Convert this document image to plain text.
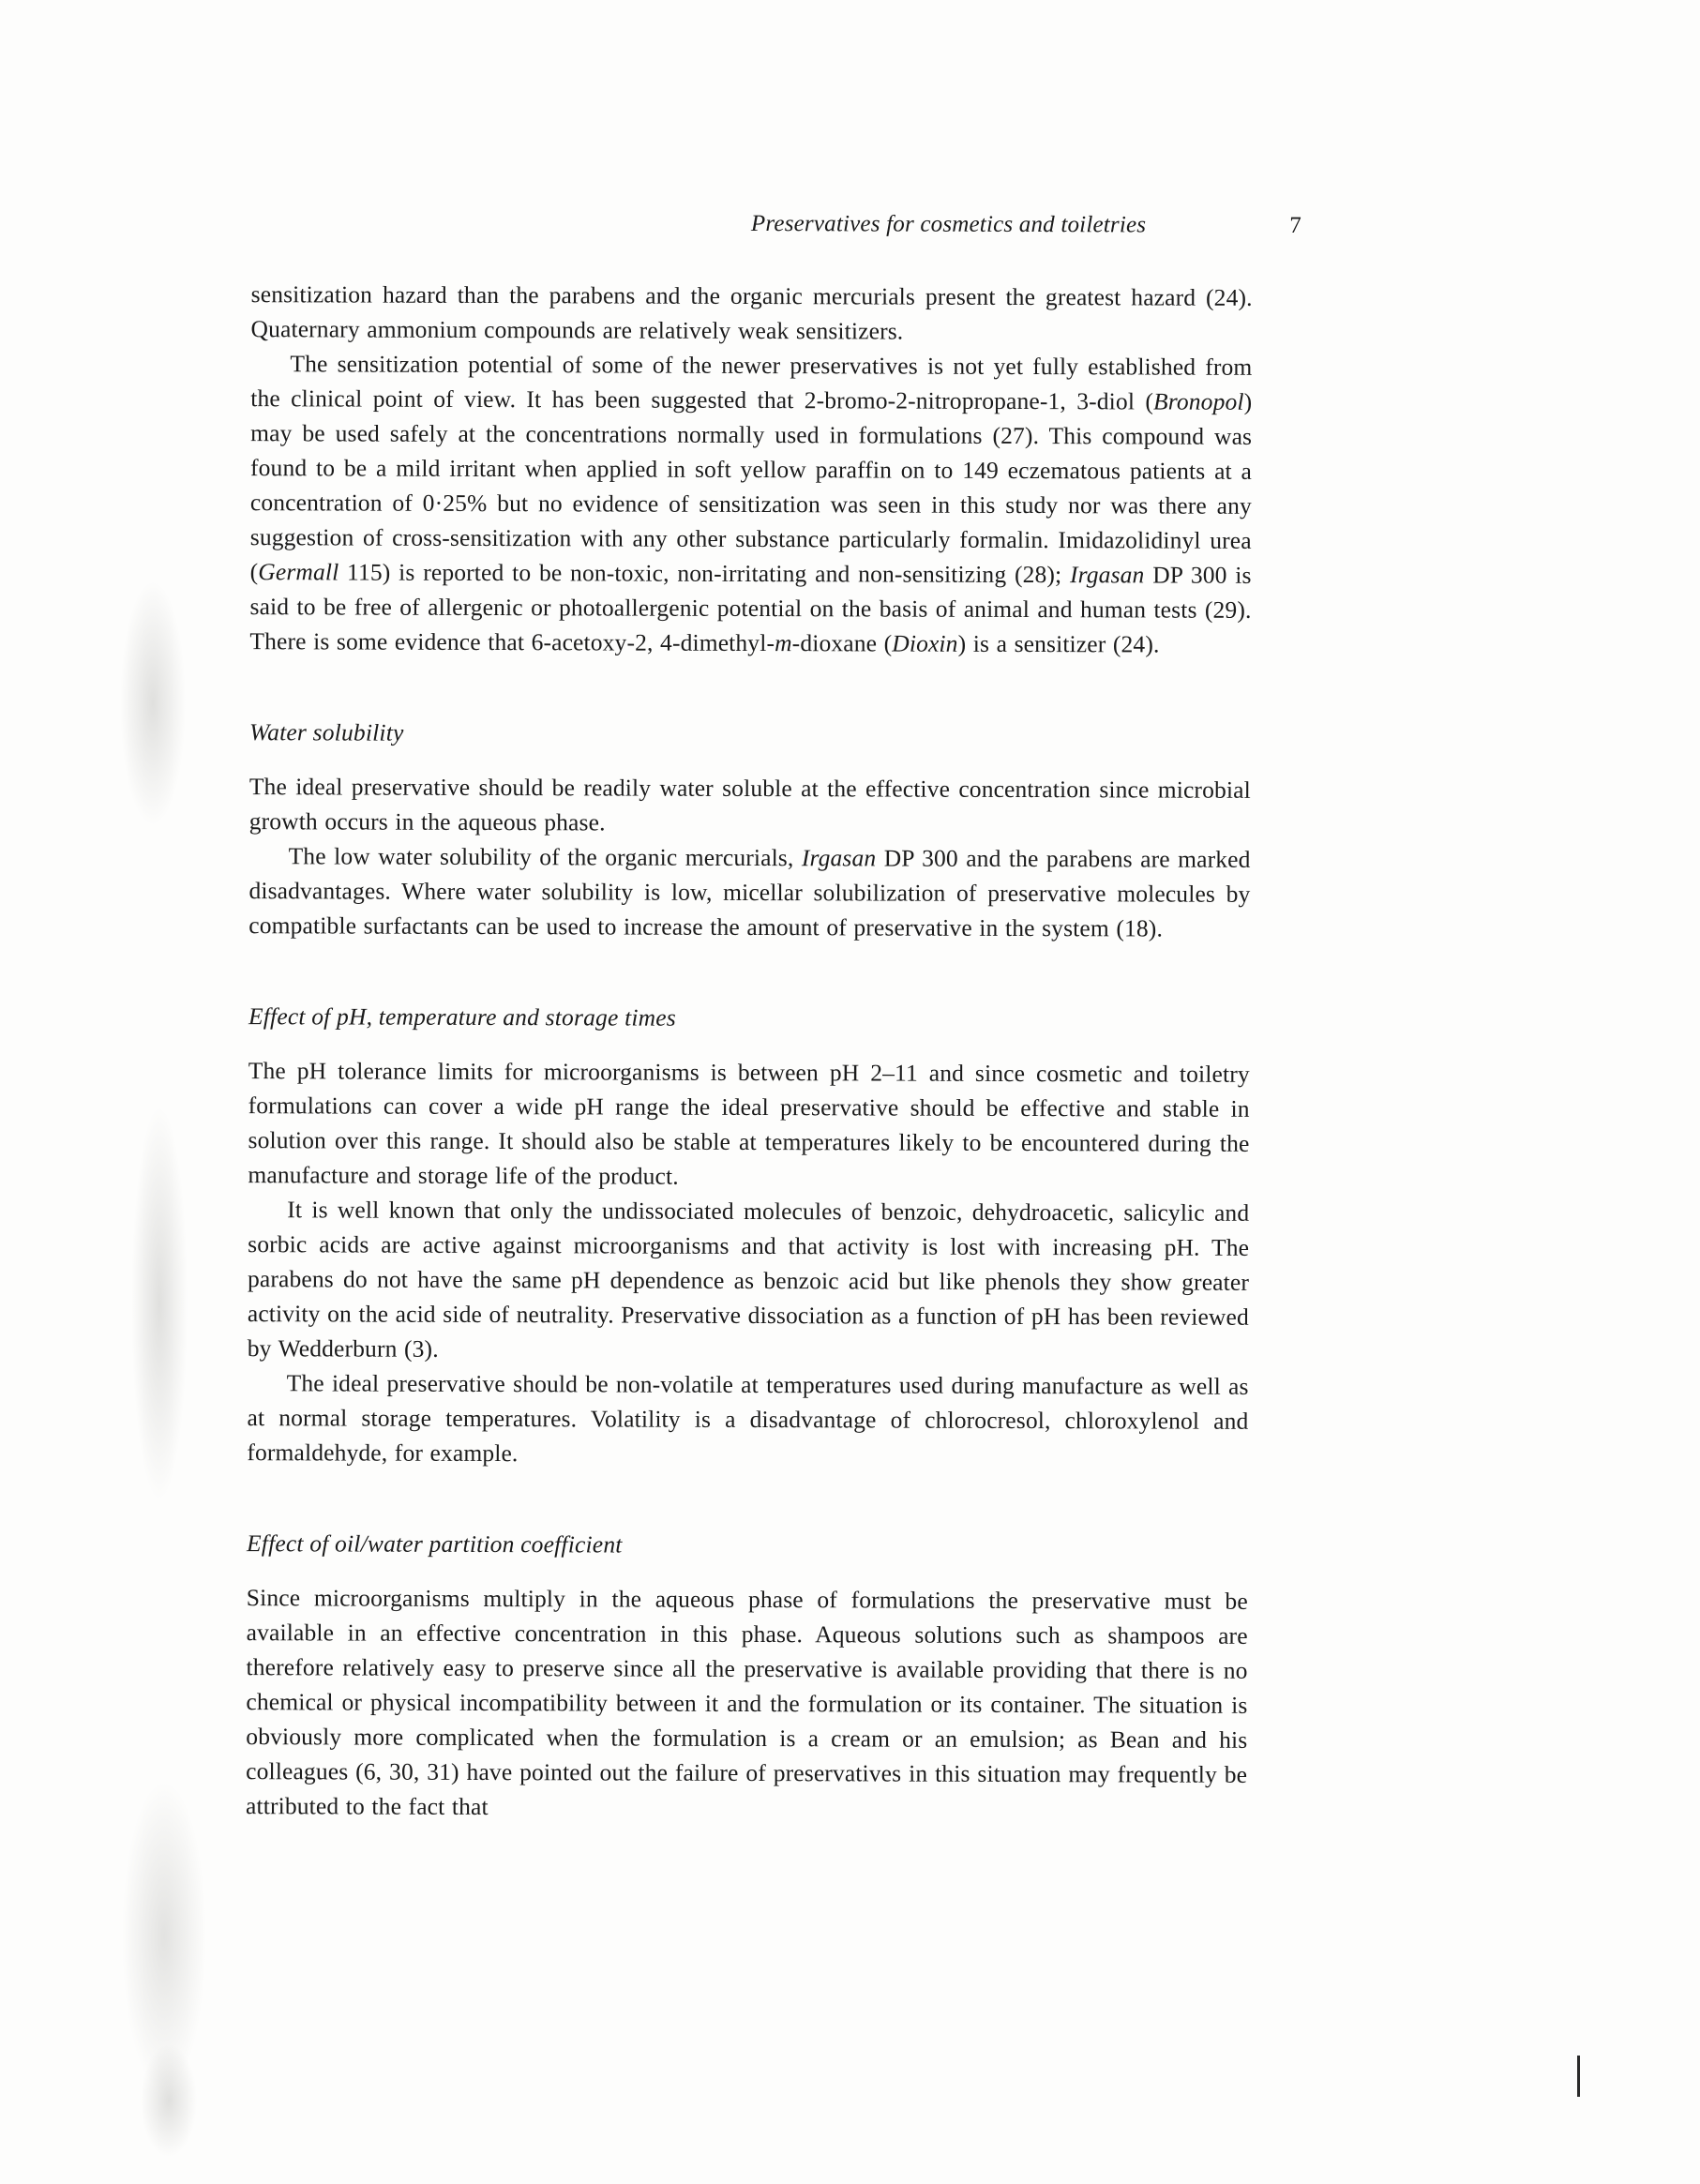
Preservatives for cosmetics and toiletries	7

sensitization hazard than the parabens and the organic mercurials present the greatest hazard (24). Quaternary ammonium compounds are relatively weak sensitizers.

The sensitization potential of some of the newer preservatives is not yet fully established from the clinical point of view. It has been suggested that 2-bromo-2-nitropropane-1, 3-diol (Bronopol) may be used safely at the concentrations normally used in formulations (27). This compound was found to be a mild irritant when applied in soft yellow paraffin on to 149 eczematous patients at a concentration of 0·25% but no evidence of sensitization was seen in this study nor was there any suggestion of cross-sensitization with any other substance particularly formalin. Imidazolidinyl urea (Germall 115) is reported to be non-toxic, non-irritating and non-sensitizing (28); Irgasan DP 300 is said to be free of allergenic or photoallergenic potential on the basis of animal and human tests (29). There is some evidence that 6-acetoxy-2, 4-dimethyl-m-dioxane (Dioxin) is a sensitizer (24).

Water solubility

The ideal preservative should be readily water soluble at the effective concentration since microbial growth occurs in the aqueous phase.

The low water solubility of the organic mercurials, Irgasan DP 300 and the parabens are marked disadvantages. Where water solubility is low, micellar solubilization of preservative molecules by compatible surfactants can be used to increase the amount of preservative in the system (18).

Effect of pH, temperature and storage times

The pH tolerance limits for microorganisms is between pH 2–11 and since cosmetic and toiletry formulations can cover a wide pH range the ideal preservative should be effective and stable in solution over this range. It should also be stable at temperatures likely to be encountered during the manufacture and storage life of the product.

It is well known that only the undissociated molecules of benzoic, dehydroacetic, salicylic and sorbic acids are active against microorganisms and that activity is lost with increasing pH. The parabens do not have the same pH dependence as benzoic acid but like phenols they show greater activity on the acid side of neutrality. Preservative dissociation as a function of pH has been reviewed by Wedderburn (3).

The ideal preservative should be non-volatile at temperatures used during manufacture as well as at normal storage temperatures. Volatility is a disadvantage of chlorocresol, chloroxylenol and formaldehyde, for example.

Effect of oil/water partition coefficient

Since microorganisms multiply in the aqueous phase of formulations the preservative must be available in an effective concentration in this phase. Aqueous solutions such as shampoos are therefore relatively easy to preserve since all the preservative is available providing that there is no chemical or physical incompatibility between it and the formulation or its container. The situation is obviously more complicated when the formulation is a cream or an emulsion; as Bean and his colleagues (6, 30, 31) have pointed out the failure of preservatives in this situation may frequently be attributed to the fact that
